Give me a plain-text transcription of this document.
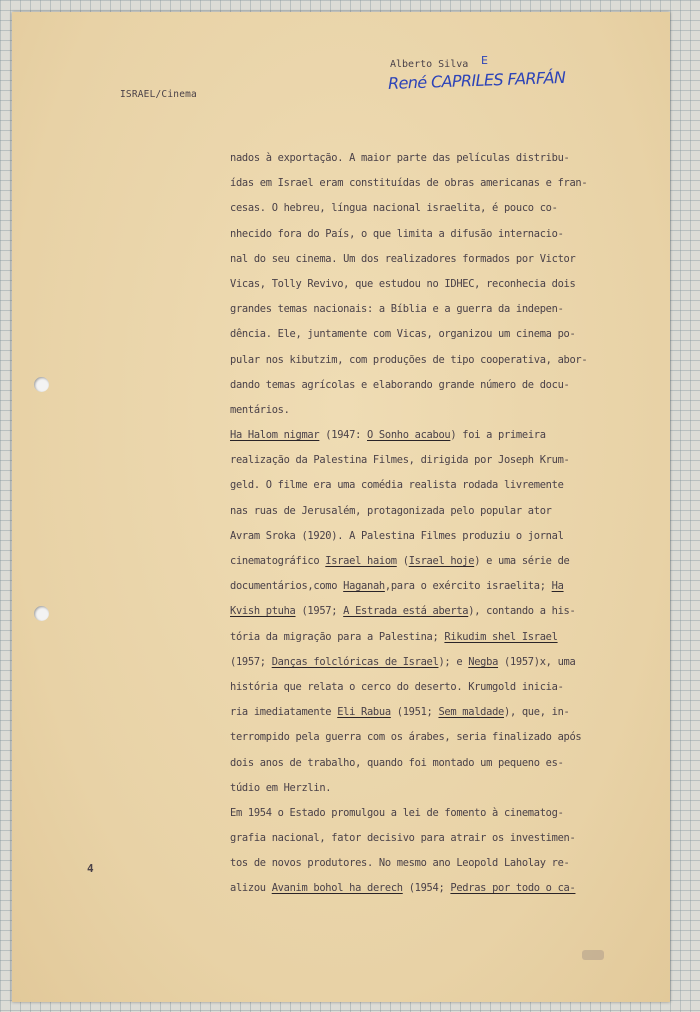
ISRAEL/Cinema
Alberto Silva E
René CAPRILES FARFÁN
nados à exportação. A maior parte das películas distribu-
ídas em Israel eram constituídas de obras americanas e fran-
cesas. O hebreu, língua nacional israelita, é pouco co-
nhecido fora do País, o que limita a difusão internacio-
nal do seu cinema. Um dos realizadores formados por Victor
Vicas, Tolly Revivo, que estudou no IDHEC, reconhecia dois
grandes temas nacionais: a Bíblia e a guerra da indepen-
dência. Ele, juntamente com Vicas, organizou um cinema po-
pular nos kibutzim, com produções de tipo cooperativa, abor-
dando temas agrícolas e elaborando grande número de docu-
mentários.
Ha Halom nigmar (1947: O Sonho acabou) foi a primeira
realização da Palestina Filmes, dirigida por Joseph Krum-
geld. O filme era uma comédia realista rodada livremente
nas ruas de Jerusalém, protagonizada pelo popular ator
Avram Sroka (1920). A Palestina Filmes produziu o jornal
cinematográfico Israel haiom (Israel hoje) e uma série de
documentários,como Haganah,para o exército israelita; Ha
Kvish ptuha (1957; A Estrada está aberta), contando a his-
tória da migração para a Palestina; Rikudim shel Israel
(1957; Danças folclóricas de Israel); e Negba (1957)x, uma
história que relata o cerco do deserto. Krumgold inicia-
ria imediatamente Eli Rabua (1951; Sem maldade), que, in-
terrompido pela guerra com os árabes, seria finalizado após
dois anos de trabalho, quando foi montado um pequeno es-
túdio em Herzlin.
Em 1954 o Estado promulgou a lei de fomento à cinematog-
grafia nacional, fator decisivo para atrair os investimen-
tos de novos produtores. No mesmo ano Leopold Laholay re-
alizou Avanim bohol ha derech (1954; Pedras por todo o ca-
4
